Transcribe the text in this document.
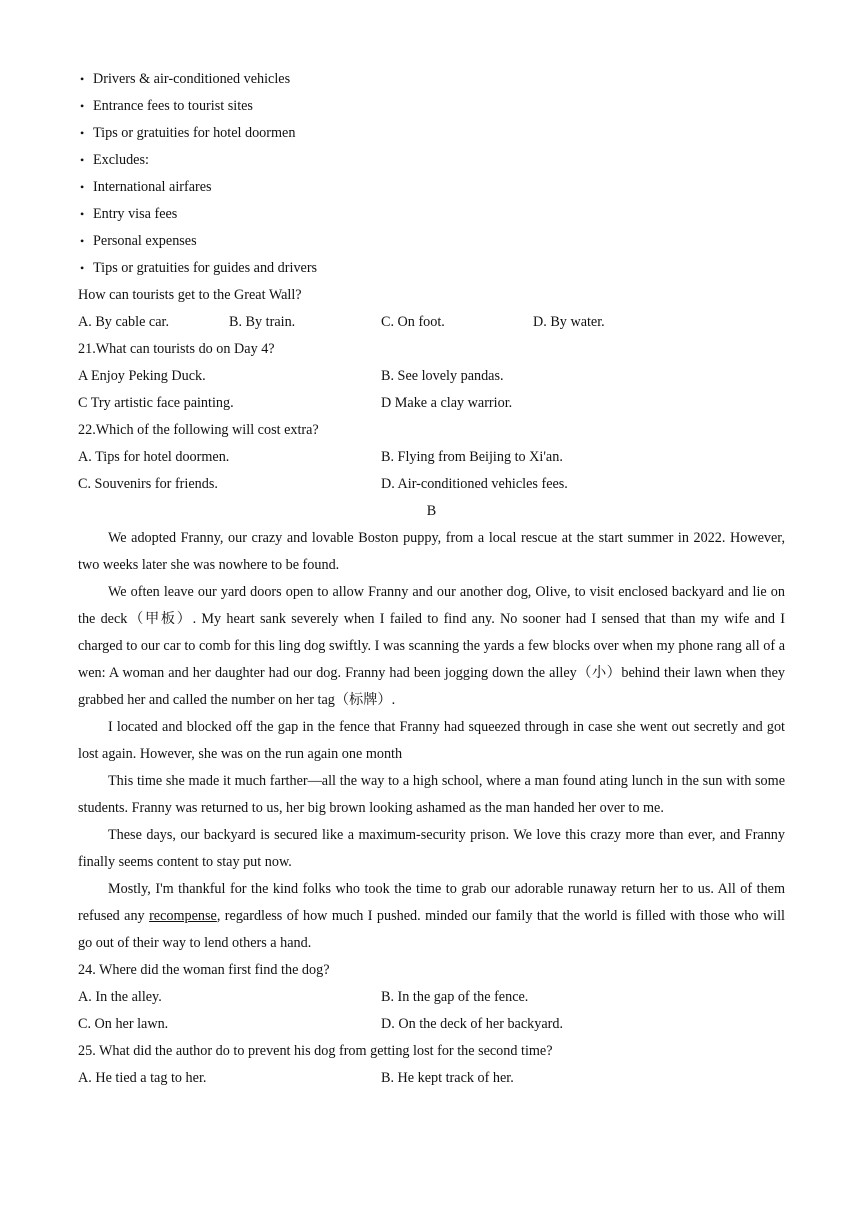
• Drivers & air-conditioned vehicles
• Entrance fees to tourist sites
• Tips or gratuities for hotel doormen
• Excludes:
• International airfares
• Entry visa fees
• Personal expenses
• Tips or gratuities for guides and drivers
How can tourists get to the Great Wall?
A. By cable car.	B. By train.	C. On foot.	D. By water.
21.What can tourists do on Day 4?
A Enjoy Peking Duck.	B. See lovely pandas.
C Try artistic face painting.	D Make a clay warrior.
22.Which of the following will cost extra?
A. Tips for hotel doormen.	B. Flying from Beijing to Xi'an.
C. Souvenirs for friends.	D. Air-conditioned vehicles fees.
B

We adopted Franny, our crazy and lovable Boston puppy, from a local rescue at the start summer in 2022. However, two weeks later she was nowhere to be found.

We often leave our yard doors open to allow Franny and our another dog, Olive, to visit enclosed backyard and lie on the deck（甲板）. My heart sank severely when I failed to find any. No sooner had I sensed that than my wife and I charged to our car to comb for this ling dog swiftly. I was scanning the yards a few blocks over when my phone rang all of a wen: A woman and her daughter had our dog. Franny had been jogging down the alley（小）behind their lawn when they grabbed her and called the number on her tag（标牌）.

I located and blocked off the gap in the fence that Franny had squeezed through in case she went out secretly and got lost again. However, she was on the run again one month

This time she made it much farther—all the way to a high school, where a man found ating lunch in the sun with some students. Franny was returned to us, her big brown looking ashamed as the man handed her over to me.

These days, our backyard is secured like a maximum-security prison. We love this crazy more than ever, and Franny finally seems content to stay put now.

Mostly, I'm thankful for the kind folks who took the time to grab our adorable runaway return her to us. All of them refused any recompense, regardless of how much I pushed. minded our family that the world is filled with those who will go out of their way to lend others a hand.

24. Where did the woman first find the dog?
A. In the alley.	B. In the gap of the fence.
C. On her lawn.	D. On the deck of her backyard.
25. What did the author do to prevent his dog from getting lost for the second time?
A. He tied a tag to her.	B. He kept track of her.
